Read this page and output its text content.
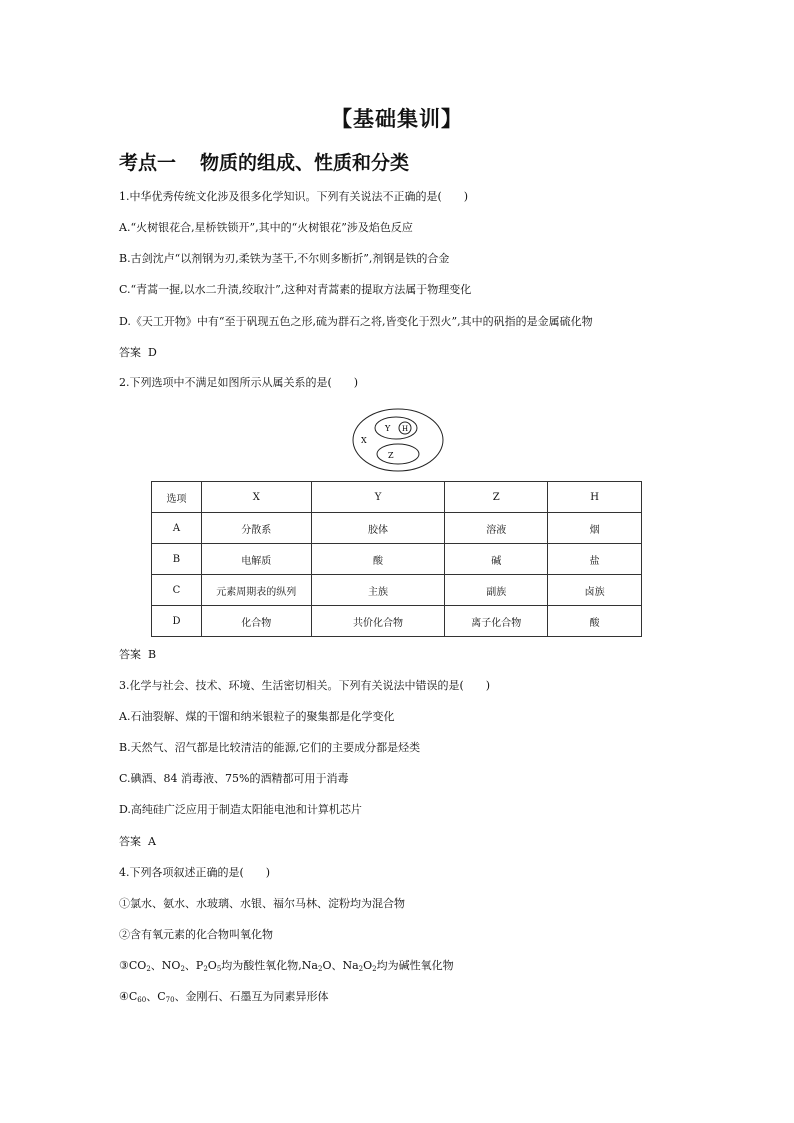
【基础集训】
考点一 物质的组成、性质和分类
1.中华优秀传统文化涉及很多化学知识。下列有关说法不正确的是(　　)
A.“火树银花合,星桥铁锁开”,其中的“火树银花”涉及焰色反应
B.古剑沈卢“以剂钢为刃,柔铁为茎干,不尔则多断折”,剂钢是铁的合金
C.“青蒿一握,以水二升渍,绞取汁”,这种对青蒿素的提取方法属于物理变化
D.《天工开物》中有“至于矾现五色之形,硫为群石之将,皆变化于烈火”,其中的矾指的是金属硫化物
答案 D
2.下列选项中不满足如图所示从属关系的是(　　)
X
Y H
Z
选项	X	Y	Z	H
A	分散系	胶体	溶液	烟
B	电解质	酸	碱	盐
C	元素周期表的纵列	主族	副族	卤族
D	化合物	共价化合物	离子化合物	酸
答案 B
3.化学与社会、技术、环境、生活密切相关。下列有关说法中错误的是(　　)
A.石油裂解、煤的干馏和纳米银粒子的聚集都是化学变化
B.天然气、沼气都是比较清洁的能源,它们的主要成分都是烃类
C.碘酒、84 消毒液、75%的酒精都可用于消毒
D.高纯硅广泛应用于制造太阳能电池和计算机芯片
答案 A
4.下列各项叙述正确的是(　　)
①氯水、氨水、水玻璃、水银、福尔马林、淀粉均为混合物
②含有氧元素的化合物叫氧化物
$③CO_2$、$NO_2$、$P_2O_5$均为酸性氧化物$,Na_2O$、$Na_2O_2$均为碱性氧化物
$④C_{60}$、$C_{70}$、金刚石、石墨互为同素异形体
